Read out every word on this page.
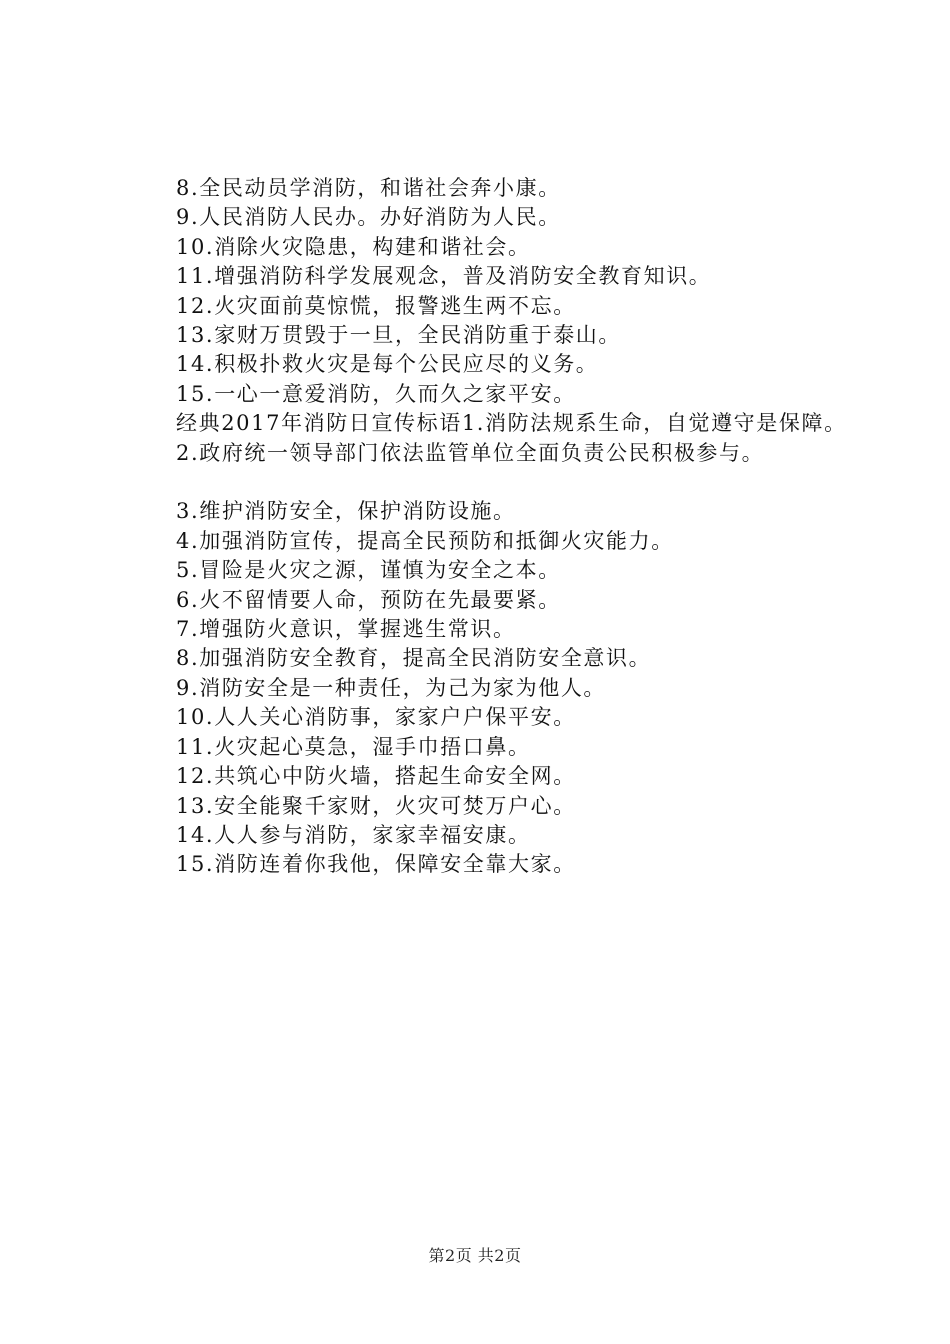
8.全民动员学消防，和谐社会奔小康。

9.人民消防人民办。办好消防为人民。

10.消除火灾隐患，构建和谐社会。

11.增强消防科学发展观念，普及消防安全教育知识。

12.火灾面前莫惊慌，报警逃生两不忘。

13.家财万贯毁于一旦，全民消防重于泰山。

14.积极扑救火灾是每个公民应尽的义务。

15.一心一意爱消防，久而久之家平安。

经典2017年消防日宣传标语1.消防法规系生命，自觉遵守是保障。

2.政府统一领导部门依法监管单位全面负责公民积极参与。

3.维护消防安全，保护消防设施。

4.加强消防宣传，提高全民预防和抵御火灾能力。

5.冒险是火灾之源，谨慎为安全之本。

6.火不留情要人命，预防在先最要紧。

7.增强防火意识，掌握逃生常识。

8.加强消防安全教育，提高全民消防安全意识。

9.消防安全是一种责任，为己为家为他人。

10.人人关心消防事，家家户户保平安。

11.火灾起心莫急，湿手巾捂口鼻。

12.共筑心中防火墙，搭起生命安全网。

13.安全能聚千家财，火灾可焚万户心。

14.人人参与消防，家家幸福安康。

15.消防连着你我他，保障安全靠大家。

第2页 共2页
